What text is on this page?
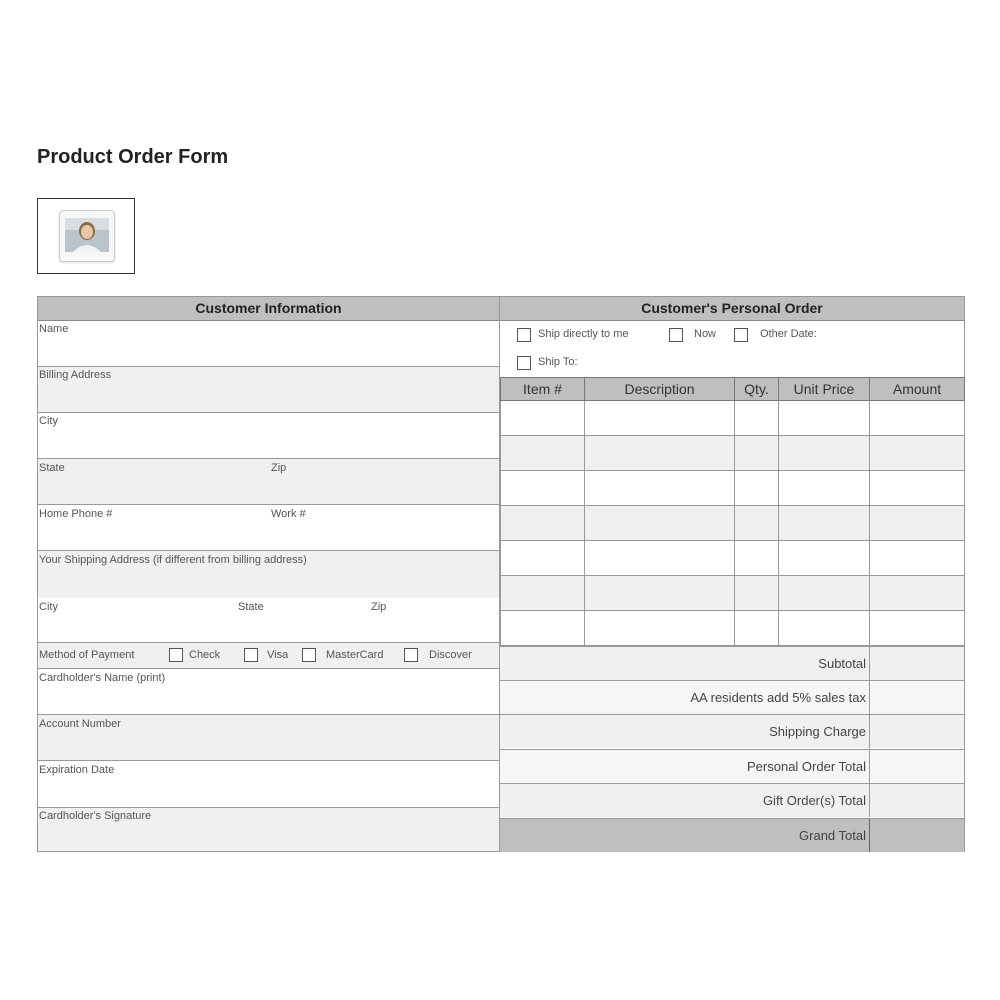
Product Order Form
Customer Information
Name
Billing Address
City
State	Zip
Home Phone #	Work #
Your Shipping Address (if different from billing address)
City	State	Zip
Method of Payment	Check	Visa	MasterCard	Discover
Cardholder's Name (print)
Account Number
Expiration Date
Cardholder's Signature
Customer's Personal Order
Ship directly to me	Now	Other Date:
Ship To:
Item #	Description	Qty.	Unit Price	Amount

Subtotal
AA residents add 5% sales tax
Shipping Charge
Personal Order Total
Gift Order(s) Total
Grand Total
